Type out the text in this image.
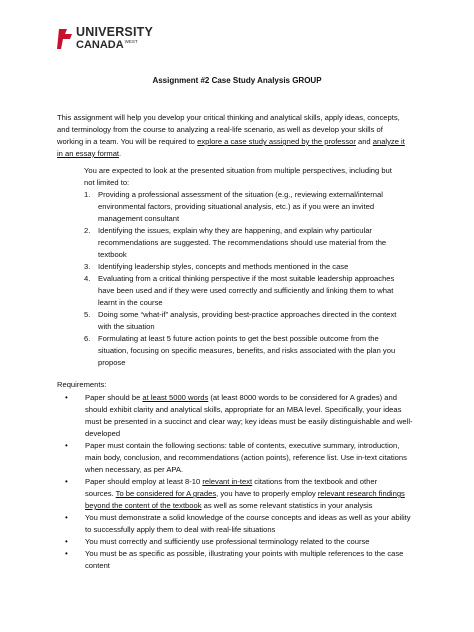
UNIVERSITY
$CANADA^{WEST}$
Assignment #2 Case Study Analysis GROUP
This assignment will help you develop your critical thinking and analytical skills, apply ideas, concepts,
and terminology from the course to analyzing a real-life scenario, as well as develop your skills of
working in a team. You will be required to explore a case study assigned by the professor and analyze it
in an essay format.
You are expected to look at the presented situation from multiple perspectives, including but
not limited to:
1. Providing a professional assessment of the situation (e.g., reviewing external/internal
environmental factors, providing situational analysis, etc.) as if you were an invited
management consultant
2. Identifying the issues, explain why they are happening, and explain why particular
recommendations are suggested. The recommendations should use material from the
textbook
3. Identifying leadership styles, concepts and methods mentioned in the case
4. Evaluating from a critical thinking perspective if the most suitable leadership approaches
have been used and if they were used correctly and sufficiently and linking them to what
learnt in the course
5. Doing some “what-if” analysis, providing best-practice approaches directed in the context
with the situation
6. Formulating at least 5 future action points to get the best possible outcome from the
situation, focusing on specific measures, benefits, and risks associated with the plan you
propose
Requirements:
• Paper should be at least 5000 words (at least 8000 words to be considered for A grades) and
should exhibit clarity and analytical skills, appropriate for an MBA level. Specifically, your ideas
must be presented in a succinct and clear way; key ideas must be easily distinguishable and well-
developed
• Paper must contain the following sections: table of contents, executive summary, introduction,
main body, conclusion, and recommendations (action points), reference list. Use in-text citations
when necessary, as per APA.
• Paper should employ at least 8-10 relevant in-text citations from the textbook and other
sources. To be considered for A grades, you have to properly employ relevant research findings
beyond the content of the textbook as well as some relevant statistics in your analysis
• You must demonstrate a solid knowledge of the course concepts and ideas as well as your ability
to successfully apply them to deal with real-life situations
• You must correctly and sufficiently use professional terminology related to the course
• You must be as specific as possible, illustrating your points with multiple references to the case
content
